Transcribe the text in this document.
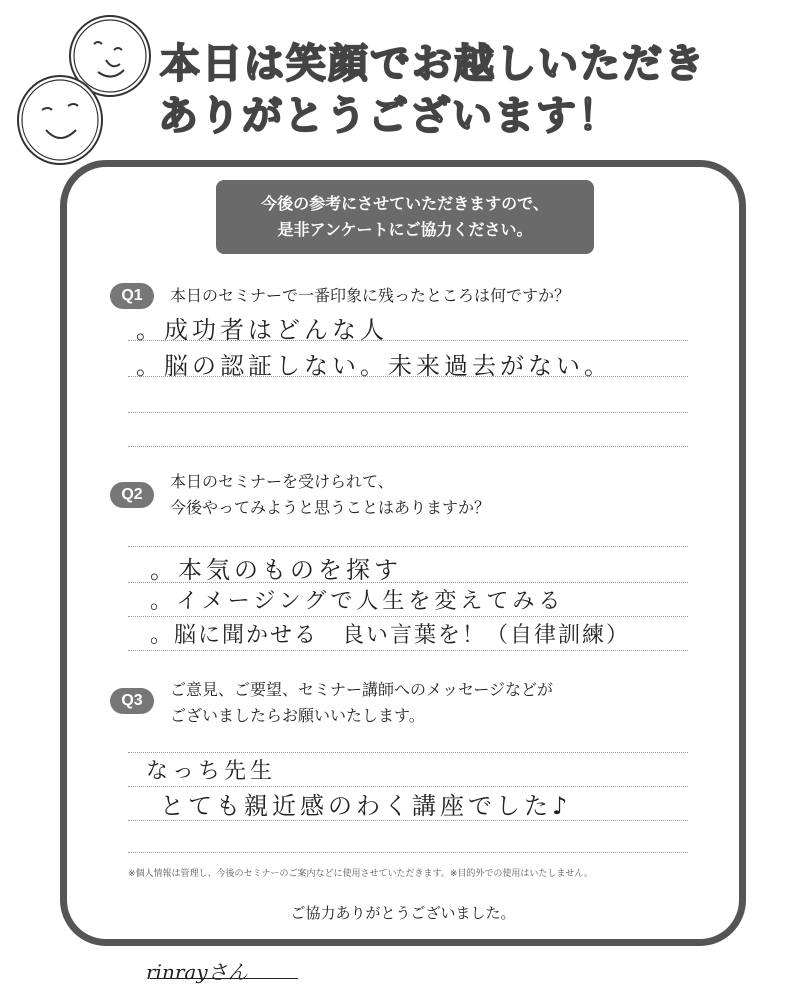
本日は笑顔でお越しいただき
ありがとうございます！
今後の参考にさせていただきますので、
是非アンケートにご協力ください。
Q1	本日のセミナーで一番印象に残ったところは何ですか？
。成功者はどんな人
。脳の認証しない。未来過去がない。
Q2
本日のセミナーを受けられて、
今後やってみようと思うことはありますか？
。本気のものを探す
。イメージングで人生を変えてみる
。脳に聞かせる　良い言葉を！（自律訓練）
Q3
ご意見、ご要望、セミナー講師へのメッセージなどが
ございましたらお願いいたします。
なっち先生
とても親近感のわく講座でした♪
※個人情報は管理し、今後のセミナーのご案内などに使用させていただきます。※目的外での使用はいたしません。
ご協力ありがとうございました。
rinrayさん
